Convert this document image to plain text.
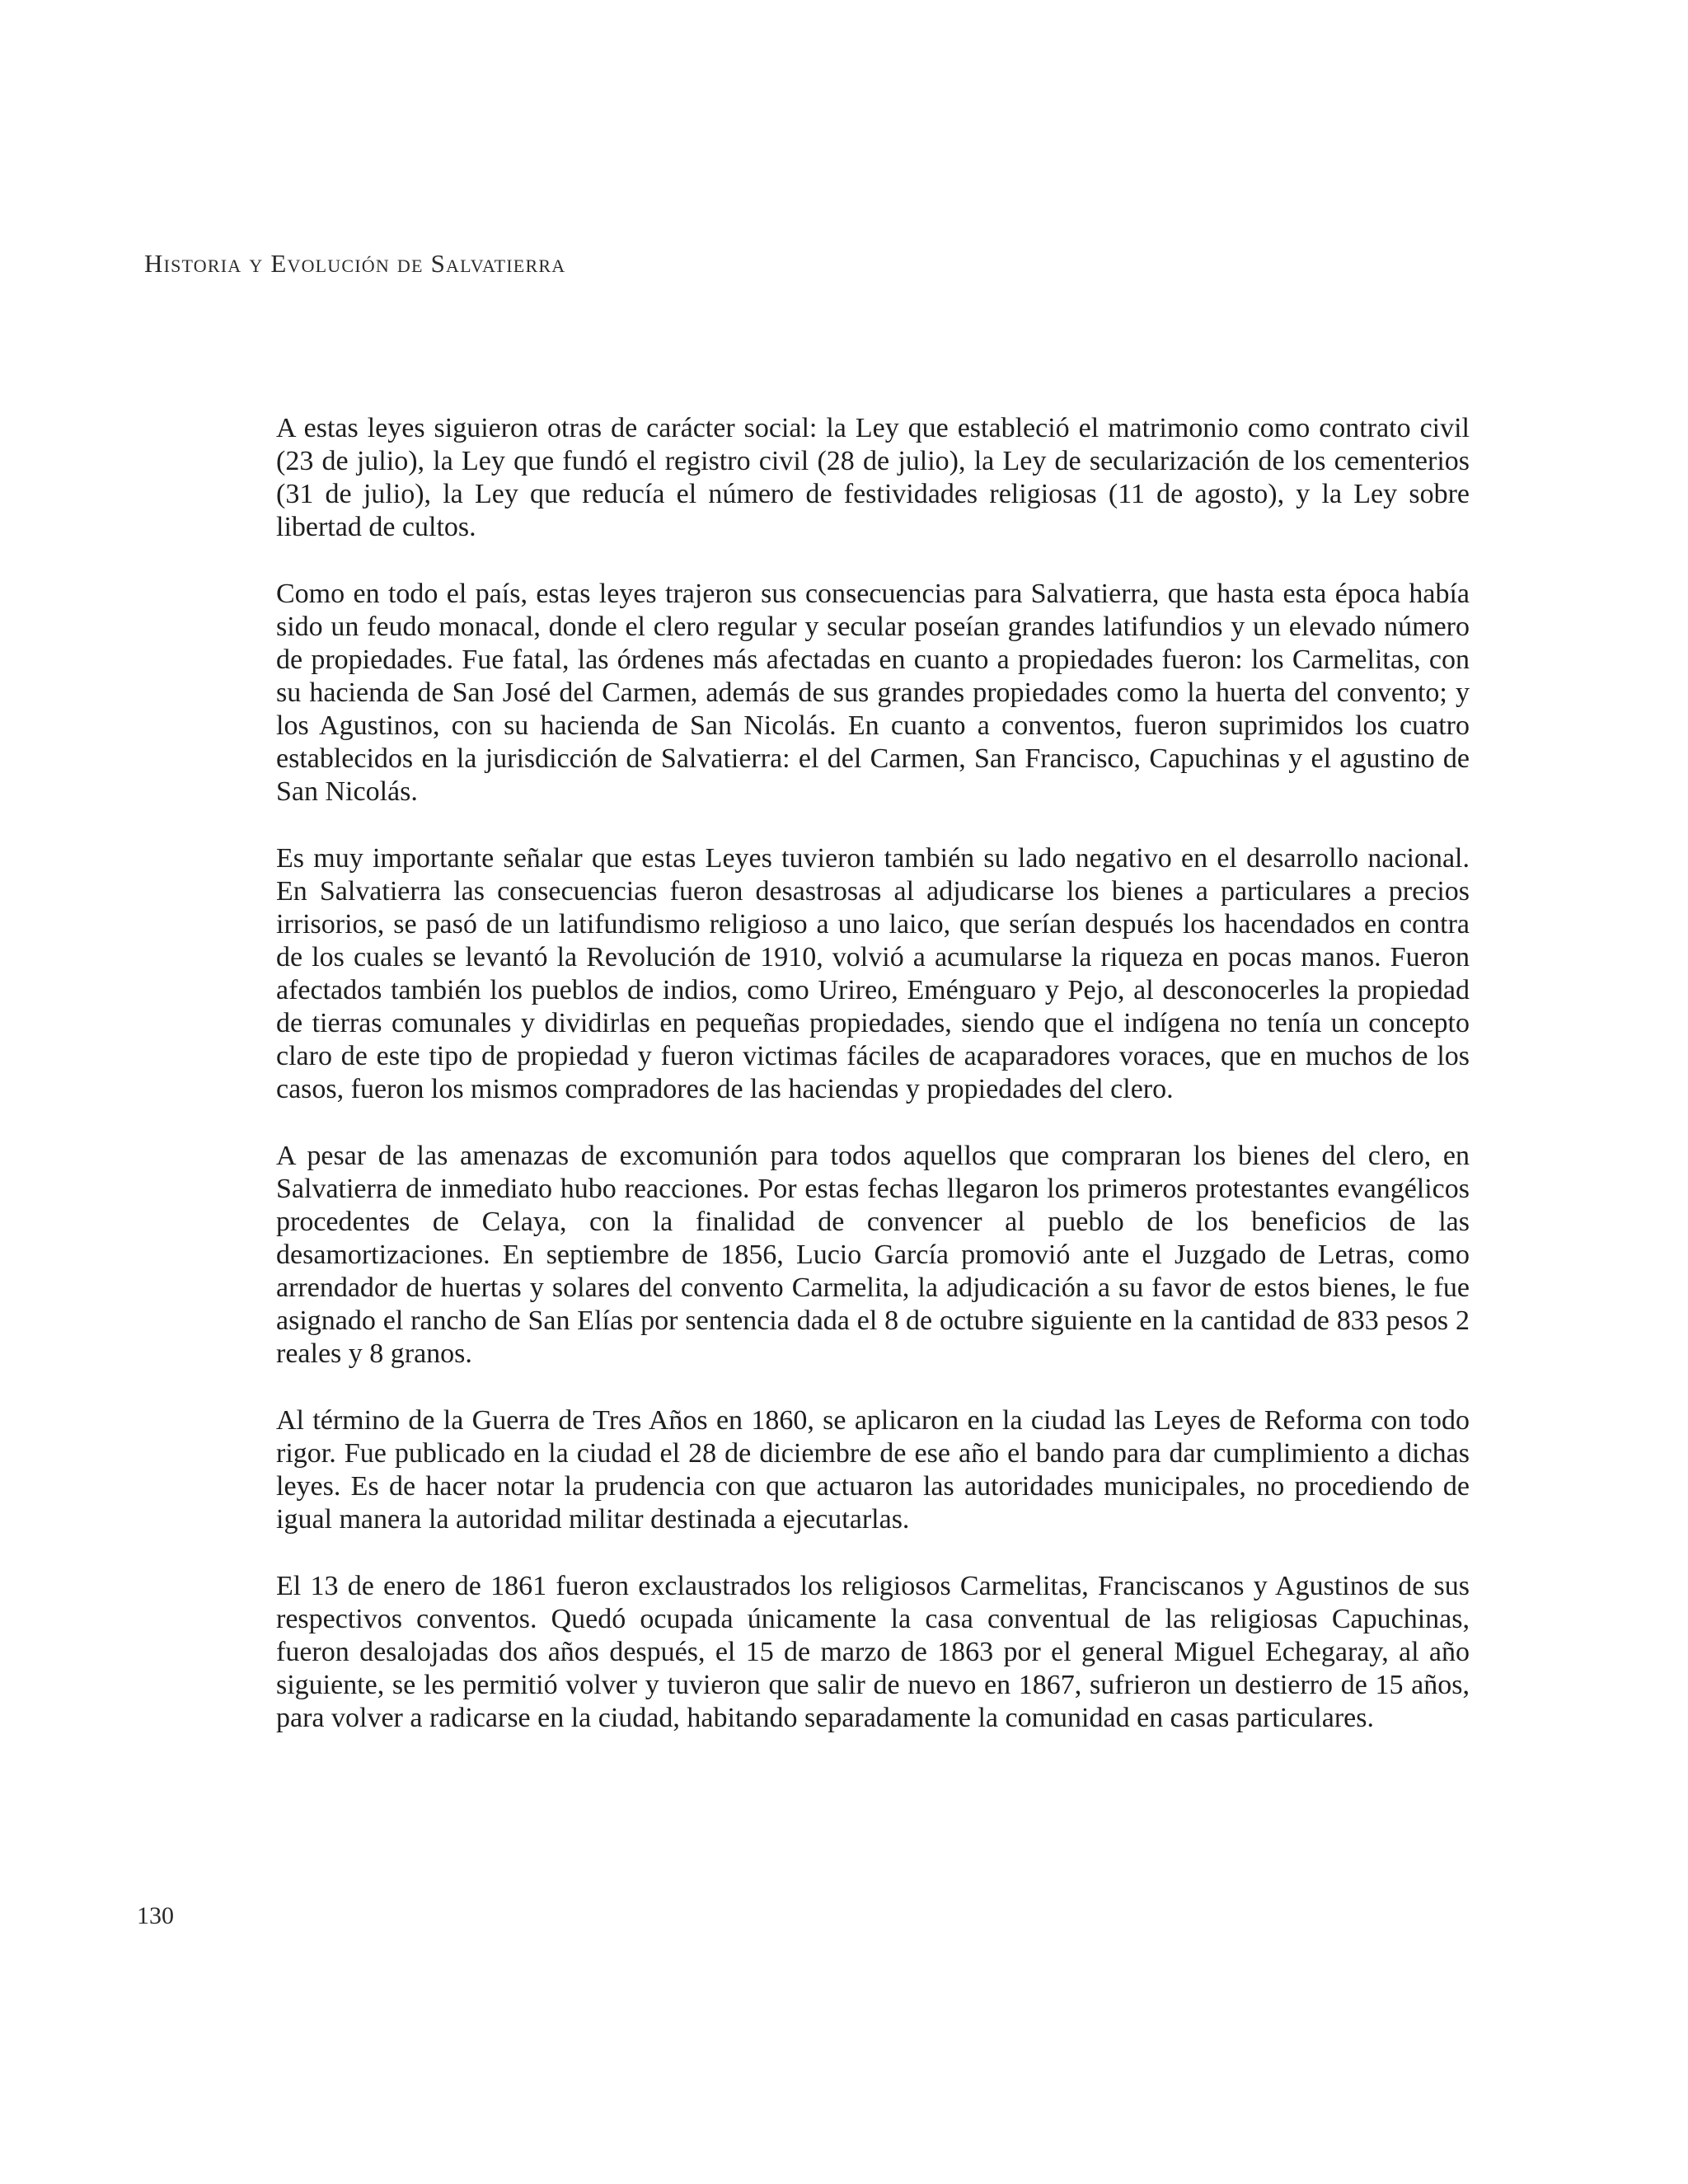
Historia y Evolución de Salvatierra

A estas leyes siguieron otras de carácter social: la Ley que estableció el matrimonio como contrato civil (23 de julio), la Ley que fundó el registro civil (28 de julio), la Ley de secularización de los cementerios (31 de julio), la Ley que reducía el número de festividades religiosas (11 de agosto), y la Ley sobre libertad de cultos.

Como en todo el país, estas leyes trajeron sus consecuencias para Salvatierra, que hasta esta época había sido un feudo monacal, donde el clero regular y secular poseían grandes latifundios y un elevado número de propiedades. Fue fatal, las órdenes más afectadas en cuanto a propiedades fueron: los Carmelitas, con su hacienda de San José del Carmen, además de sus grandes propiedades como la huerta del convento; y los Agustinos, con su hacienda de San Nicolás. En cuanto a conventos, fueron suprimidos los cuatro establecidos en la jurisdicción de Salvatierra: el del Carmen, San Francisco, Capuchinas y el agustino de San Nicolás.

Es muy importante señalar que estas Leyes tuvieron también su lado negativo en el desarrollo nacional. En Salvatierra las consecuencias fueron desastrosas al adjudicarse los bienes a particulares a precios irrisorios, se pasó de un latifundismo religioso a uno laico, que serían después los hacendados en contra de los cuales se levantó la Revolución de 1910, volvió a acumularse la riqueza en pocas manos. Fueron afectados también los pueblos de indios, como Urireo, Eménguaro y Pejo, al desconocerles la propiedad de tierras comunales y dividirlas en pequeñas propiedades, siendo que el indígena no tenía un concepto claro de este tipo de propiedad y fueron victimas fáciles de acaparadores voraces, que en muchos de los casos, fueron los mismos compradores de las haciendas y propiedades del clero.

A pesar de las amenazas de excomunión para todos aquellos que compraran los bienes del clero, en Salvatierra de inmediato hubo reacciones. Por estas fechas llegaron los primeros protestantes evangélicos procedentes de Celaya, con la finalidad de convencer al pueblo de los beneficios de las desamortizaciones. En septiembre de 1856, Lucio García promovió ante el Juzgado de Letras, como arrendador de huertas y solares del convento Carmelita, la adjudicación a su favor de estos bienes, le fue asignado el rancho de San Elías por sentencia dada el 8 de octubre siguiente en la cantidad de 833 pesos 2 reales y 8 granos.

Al término de la Guerra de Tres Años en 1860, se aplicaron en la ciudad las Leyes de Reforma con todo rigor. Fue publicado en la ciudad el 28 de diciembre de ese año el bando para dar cumplimiento a dichas leyes. Es de hacer notar la prudencia con que actuaron las autoridades municipales, no procediendo de igual manera la autoridad militar destinada a ejecutarlas.

El 13 de enero de 1861 fueron exclaustrados los religiosos Carmelitas, Franciscanos y Agustinos de sus respectivos conventos. Quedó ocupada únicamente la casa conventual de las religiosas Capuchinas, fueron desalojadas dos años después, el 15 de marzo de 1863 por el general Miguel Echegaray, al año siguiente, se les permitió volver y tuvieron que salir de nuevo en 1867, sufrieron un destierro de 15 años, para volver a radicarse en la ciudad, habitando separadamente la comunidad en casas particulares.

130
